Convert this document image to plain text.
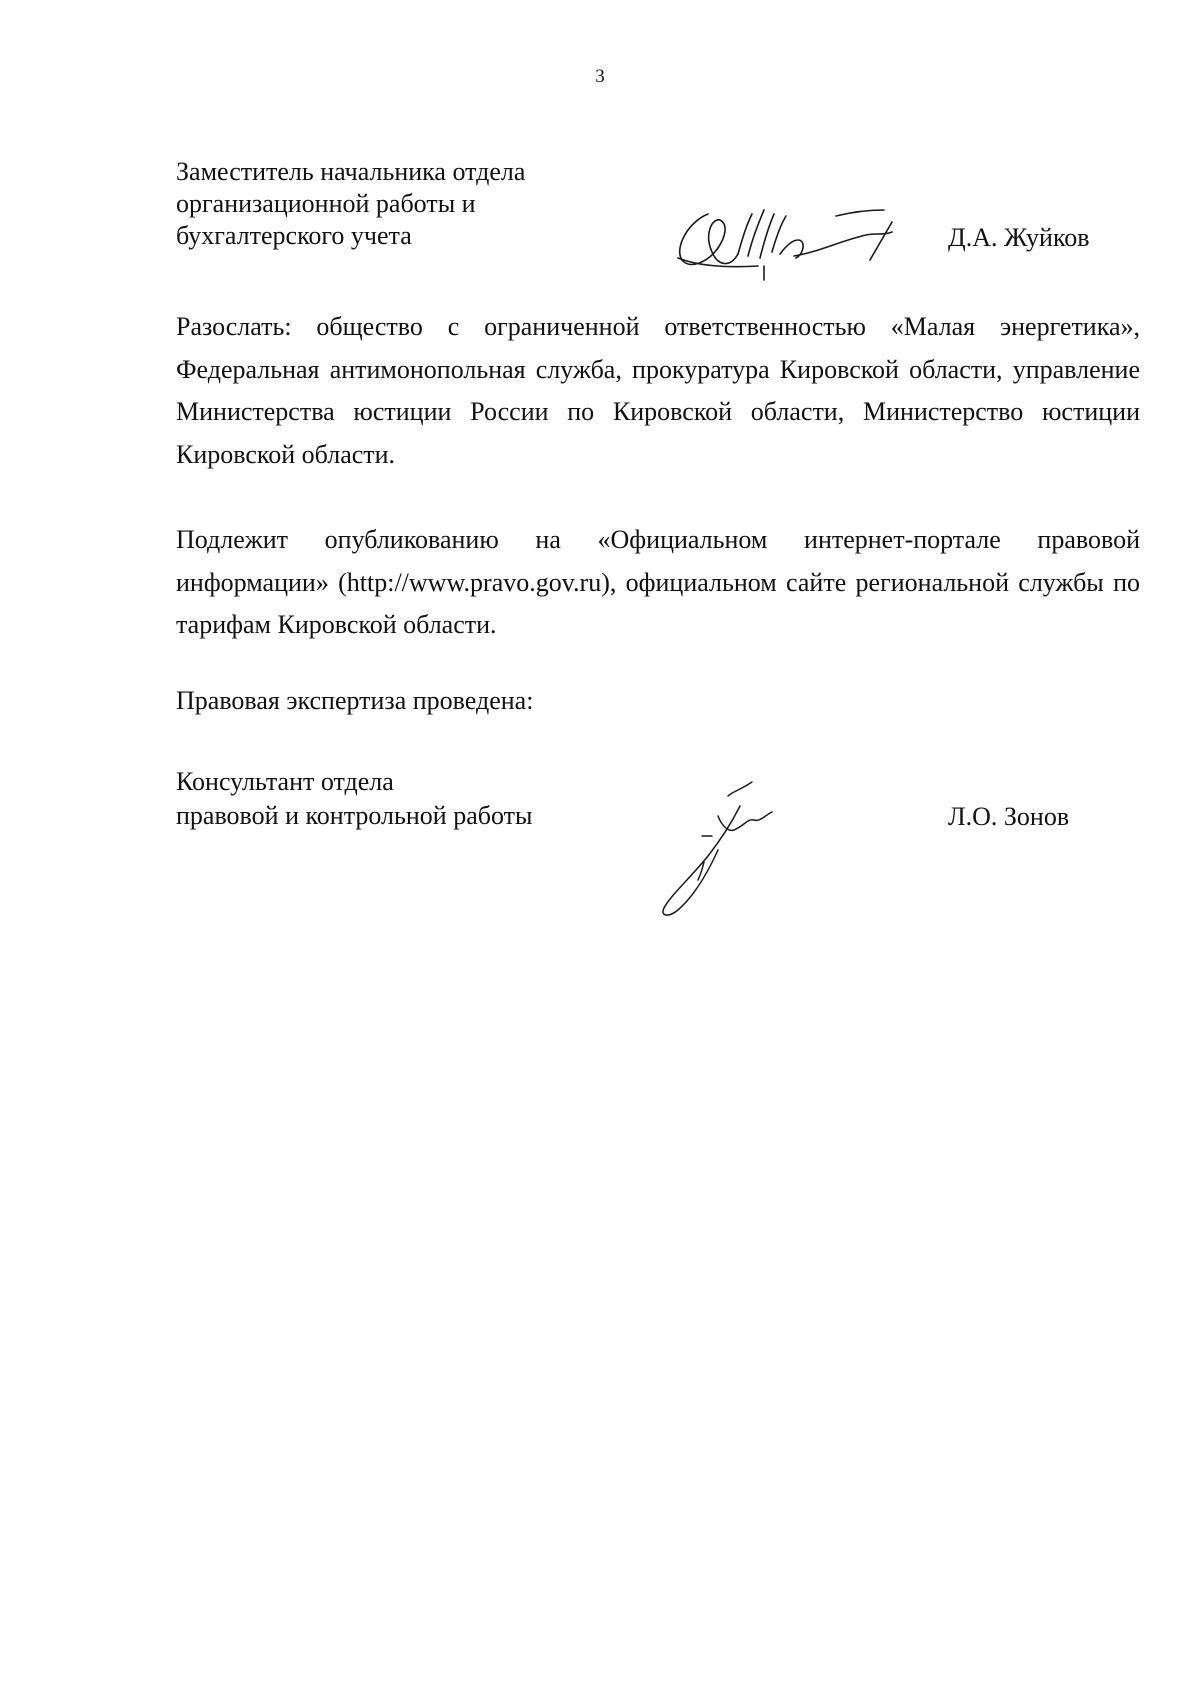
3
Заместитель начальника отдела
организационной работы и
бухгалтерского учета	Д.А. Жуйков
Разослать: общество с ограниченной ответственностью «Малая энергетика», Федеральная антимонопольная служба, прокуратура Кировской области, управление Министерства юстиции России по Кировской области, Министерство юстиции Кировской области.
Подлежит опубликованию на «Официальном интернет-портале правовой информации» (http://www.pravo.gov.ru), официальном сайте региональной службы по тарифам Кировской области.
Правовая экспертиза проведена:
Консультант отдела
правовой и контрольной работы	Л.О. Зонов
